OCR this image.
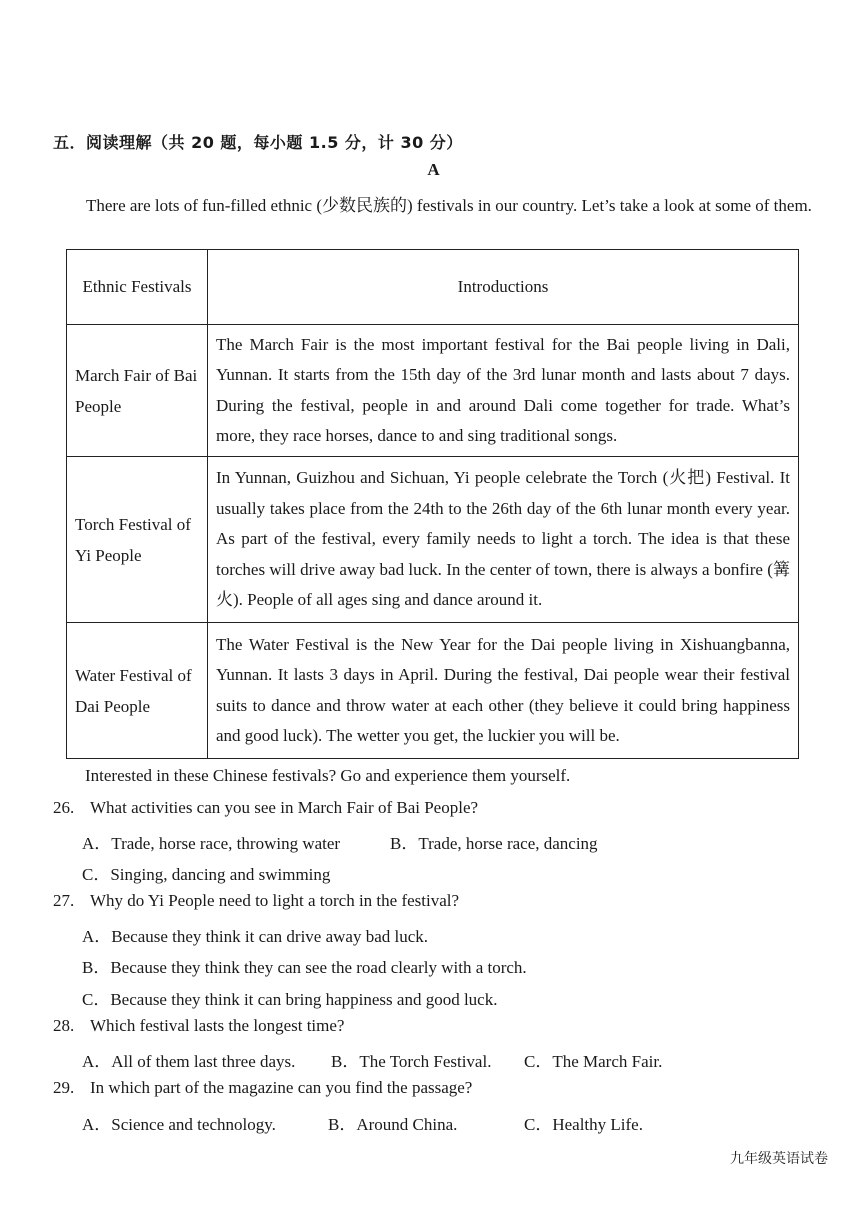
五．阅读理解（共 20 题，每小题 1.5 分，计 30 分）
A
There are lots of fun-filled ethnic (少数民族的) festivals in our country. Let’s take a look at some of them.
Ethnic Festivals	Introductions
March Fair of Bai People	The March Fair is the most important festival for the Bai people living in Dali, Yunnan. It starts from the 15th day of the 3rd lunar month and lasts about 7 days. During the festival, people in and around Dali come together for trade. What’s more, they race horses, dance to and sing traditional songs.
Torch Festival of Yi People	In Yunnan, Guizhou and Sichuan, Yi people celebrate the Torch (火把) Festival. It usually takes place from the 24th to the 26th day of the 6th lunar month every year. As part of the festival, every family needs to light a torch. The idea is that these torches will drive away bad luck. In the center of town, there is always a bonfire (篝火). People of all ages sing and dance around it.
Water Festival of Dai People	The Water Festival is the New Year for the Dai people living in Xishuangbanna, Yunnan. It lasts 3 days in April. During the festival, Dai people wear their festival suits to dance and throw water at each other (they believe it could bring happiness and good luck). The wetter you get, the luckier you will be.
Interested in these Chinese festivals? Go and experience them yourself.
26. What activities can you see in March Fair of Bai People?
A．Trade, horse race, throwing water	B．Trade, horse race, dancing
C．Singing, dancing and swimming
27. Why do Yi People need to light a torch in the festival?
A．Because they think it can drive away bad luck.
B．Because they think they can see the road clearly with a torch.
C．Because they think it can bring happiness and good luck.
28. Which festival lasts the longest time?
A．All of them last three days. B．The Torch Festival. C．The March Fair.
29. In which part of the magazine can you find the passage?
A．Science and technology.	B．Around China.	C．Healthy Life.
九年级英语试卷
